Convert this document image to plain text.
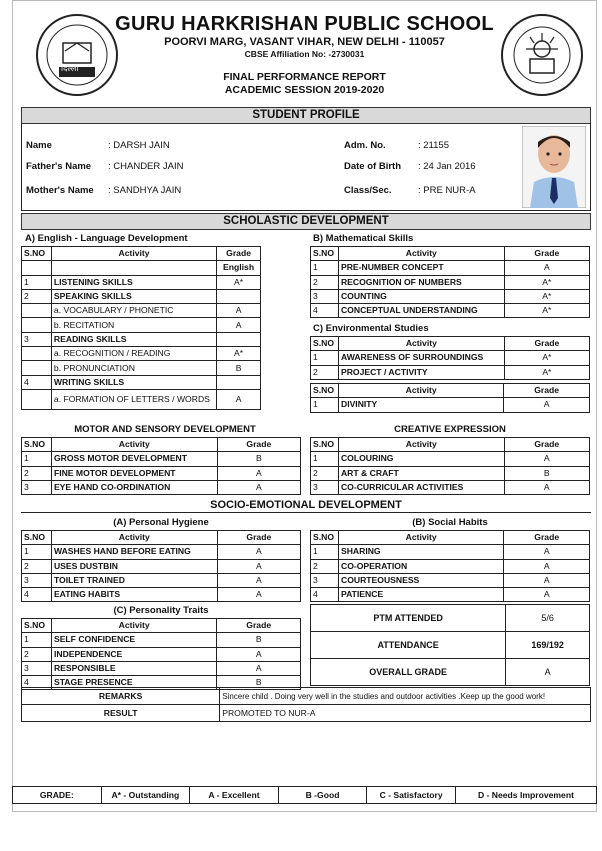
दिल्ली
GURU HARKRISHAN PUBLIC SCHOOL
POORVI MARG, VASANT VIHAR, NEW DELHI - 110057
CBSE Affiliation No: -2730031
FINAL PERFORMANCE REPORT
ACADEMIC SESSION 2019-2020
STUDENT PROFILE
Name	: DARSH JAIN
Father's Name : CHANDER JAIN
Mother's Name : SANDHYA JAIN
Adm. No.	: 21155
Date of Birth : 24 Jan 2016
Class/Sec.	: PRE NUR-A
SCHOLASTIC DEVELOPMENT
A) English - Language Development
S.NO	Activity	Grade
		English
1	LISTENING SKILLS	A*
2	SPEAKING SKILLS	
	a. VOCABULARY / PHONETIC	A
	b. RECITATION	A
3	READING SKILLS	
	a. RECOGNITION / READING	A*
	b. PRONUNCIATION	B
4	WRITING SKILLS	
	a. FORMATION OF LETTERS / WORDS	A
B) Mathematical Skills
S.NO	Activity	Grade
1	PRE-NUMBER CONCEPT	A
2	RECOGNITION OF NUMBERS	A*
3	COUNTING	A*
4	CONCEPTUAL UNDERSTANDING	A*
C) Environmental Studies
S.NO	Activity	Grade
1	AWARENESS OF SURROUNDINGS	A*
2	PROJECT / ACTIVITY	A*
S.NO	Activity	Grade
1	DIVINITY	A
MOTOR AND SENSORY DEVELOPMENT
S.NO	Activity	Grade
1	GROSS MOTOR DEVELOPMENT	B
2	FINE MOTOR DEVELOPMENT	A
3	EYE HAND CO-ORDINATION	A
CREATIVE EXPRESSION
S.NO	Activity	Grade
1	COLOURING	A
2	ART & CRAFT	B
3	CO-CURRICULAR ACTIVITIES	A
SOCIO-EMOTIONAL DEVELOPMENT
(A) Personal Hygiene
S.NO	Activity	Grade
1	WASHES HAND BEFORE EATING	A
2	USES DUSTBIN	A
3	TOILET TRAINED	A
4	EATING HABITS	A
(B) Social Habits
S.NO	Activity	Grade
1	SHARING	A
2	CO-OPERATION	A
3	COURTEOUSNESS	A
4	PATIENCE	A
(C) Personality Traits
S.NO	Activity	Grade
1	SELF CONFIDENCE	B
2	INDEPENDENCE	A
3	RESPONSIBLE	A
4	STAGE PRESENCE	B
PTM ATTENDED	5/6
ATTENDANCE	169/192
OVERALL GRADE	A
REMARKS	Sincere child . Doing very well in the studies and outdoor activities .Keep up the good work!
RESULT	PROMOTED TO NUR-A
GRADE:	A* - Outstanding	A - Excellent	B -Good	C - Satisfactory	D - Needs Improvement
